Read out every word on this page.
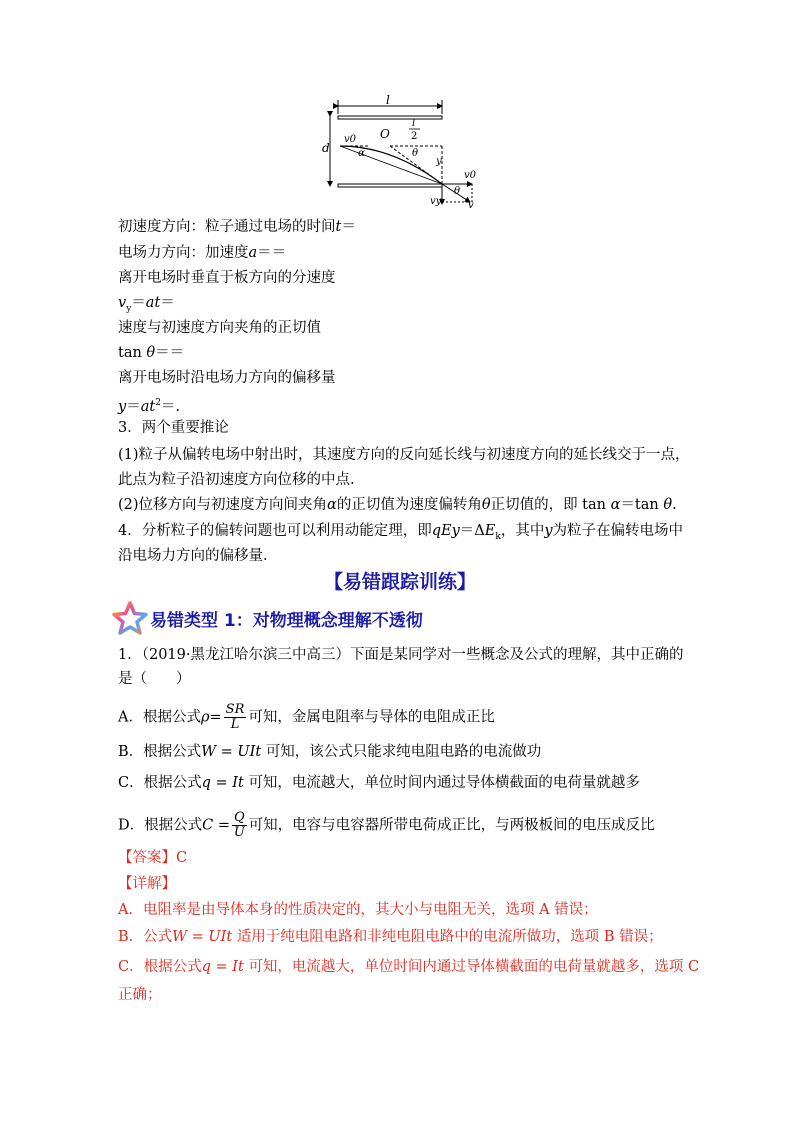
l
d
v0 O
l
2
α	θ
y
v0
vy
θ
v
初速度方向：粒子通过电场的时间t＝
电场力方向：加速度a＝＝
离开电场时垂直于板方向的分速度
$v_y=at=$
速度与初速度方向夹角的正切值
tan θ＝＝
离开电场时沿电场力方向的偏移量
$y=at^2=$.
3．两个重要推论
(1)粒子从偏转电场中射出时，其速度方向的反向延长线与初速度方向的延长线交于一点，
此点为粒子沿初速度方向位移的中点.
(2)位移方向与初速度方向间夹角α的正切值为速度偏转角θ正切值的，即 tan α＝tan θ.
4．分析粒子的偏转问题也可以利用动能定理，即$qEy=\Delta E_k$，其中y为粒子在偏转电场中
沿电场力方向的偏移量.
【易错跟踪训练】
易错类型 1：对物理概念理解不透彻
1．（2019·黑龙江哈尔滨三中高三）下面是某同学对一些概念及公式的理解，其中正确的
是（　　）
A．根据公式$\rho= \frac{SR}{L}$ 可知，金属电阻率与导体的电阻成正比
B．根据公式W = UIt 可知，该公式只能求纯电阻电路的电流做功
C．根据公式q = It 可知，电流越大，单位时间内通过导体横截面的电荷量就越多
D．根据公式$C = \frac{Q}{U}$ 可知，电容与电容器所带电荷成正比，与两极板间的电压成反比
【答案】C
【详解】
A．电阻率是由导体本身的性质决定的，其大小与电阻无关，选项 A 错误；
B．公式W = UIt 适用于纯电阻电路和非纯电阻电路中的电流所做功，选项 B 错误；
C．根据公式q = It 可知，电流越大，单位时间内通过导体横截面的电荷量就越多，选项 C
正确；
